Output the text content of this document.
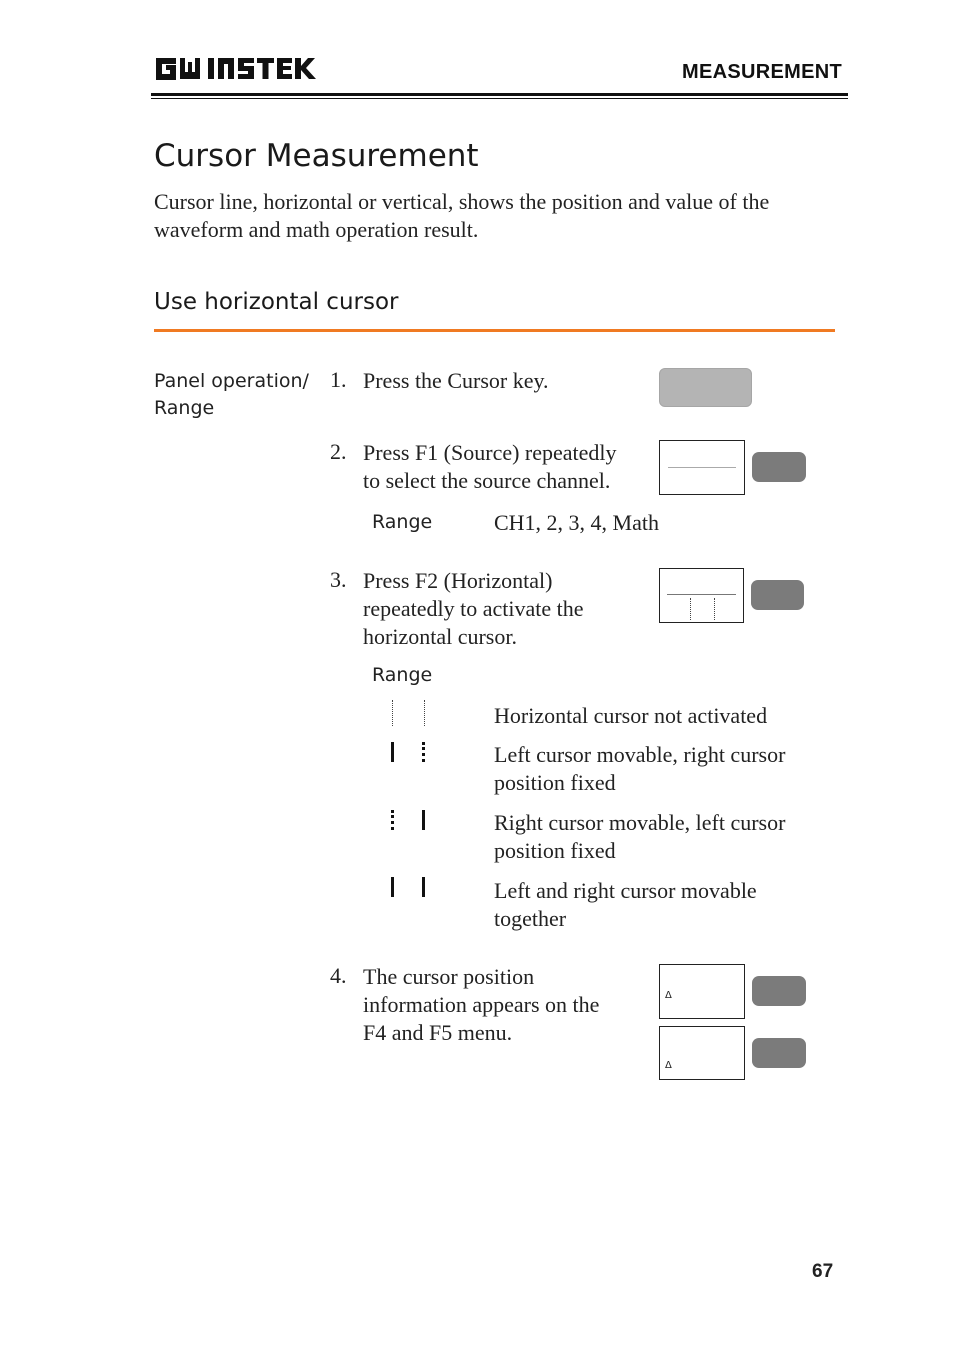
MEASUREMENT
Cursor Measurement
Cursor line, horizontal or vertical, shows the position and value of the waveform and math operation result.
Use horizontal cursor
Panel operation/
Range
1. Press the Cursor key.
2. Press F1 (Source) repeatedly
to select the source channel.
Range	CH1, 2, 3, 4, Math
3. Press F2 (Horizontal)
repeatedly to activate the
horizontal cursor.
Range
Horizontal cursor not activated
Left cursor movable, right cursor
position fixed
Right cursor movable, left cursor
position fixed
Left and right cursor movable
together
4. The cursor position
information appears on the
F4 and F5 menu.
Δ
Δ
67
